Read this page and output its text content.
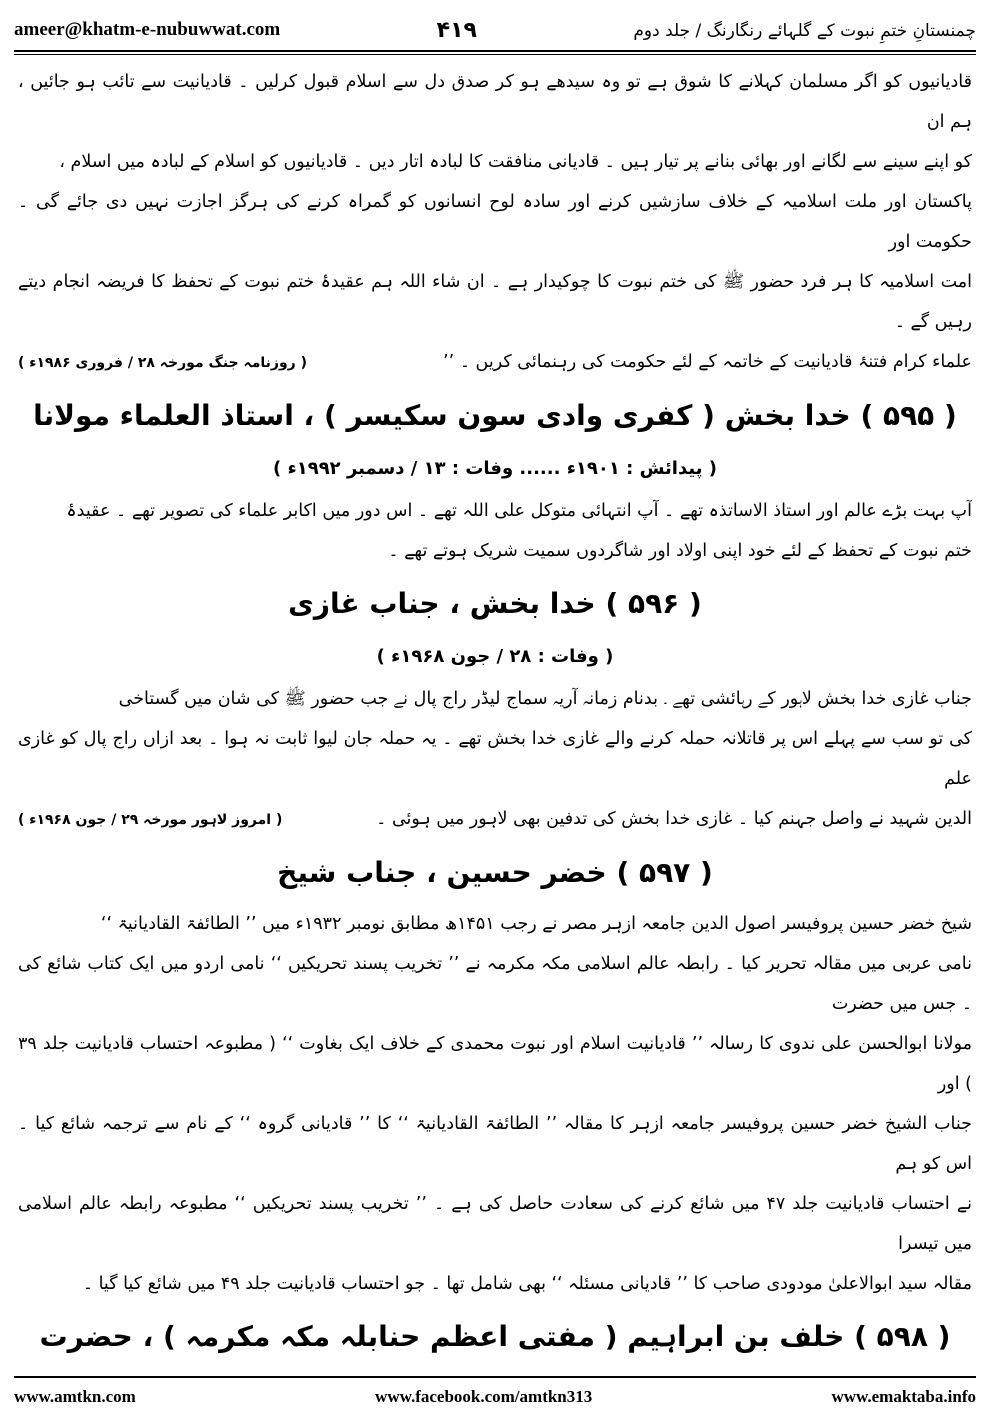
ameer@khatm-e-nubuwwat.com	۴۱۹	چمنستانِ ختمِ نبوت کے گلہائے رنگارنگ / جلد دوم

قادیانیوں کو اگر مسلمان کہلانے کا شوق ہے تو وہ سیدھے ہو کر صدق دل سے اسلام قبول کرلیں ۔ قادیانیت سے تائب ہو جائیں ، ہم ان

کو اپنے سینے سے لگانے اور بھائی بنانے پر تیار ہیں ۔ قادیانی منافقت کا لبادہ اتار دیں ۔ قادیانیوں کو اسلام کے لبادہ میں اسلام ،

پاکستان اور ملت اسلامیہ کے خلاف سازشیں کرنے اور سادہ لوح انسانوں کو گمراہ کرنے کی ہرگز اجازت نہیں دی جائے گی ۔ حکومت اور

امت اسلامیہ کا ہر فرد حضور ﷺ کی ختم نبوت کا چوکیدار ہے ۔ ان شاء اللہ ہم عقیدۂ ختم نبوت کے تحفظ کا فریضہ انجام دیتے رہیں گے ۔

علماء کرام فتنۂ قادیانیت کے خاتمہ کے لئے حکومت کی رہنمائی کریں ۔ ’’
( روزنامہ جنگ مورخہ ۲۸ / فروری ۱۹۸۶ء )
( ۵۹۵ ) خدا بخش ( کفری وادی سون سکیسر ) ، استاذ العلماء مولانا
( پیدائش : ۱۹۰۱ء ...... وفات : ۱۳ / دسمبر ۱۹۹۲ء )

آپ بہت بڑے عالم اور استاذ الاساتذہ تھے ۔ آپ انتہائی متوکل علی اللہ تھے ۔ اس دور میں اکابر علماء کی تصویر تھے ۔ عقیدۂ

ختم نبوت کے تحفظ کے لئے خود اپنی اولاد اور شاگردوں سمیت شریک ہوتے تھے ۔

( ۵۹۶ ) خدا بخش ، جناب غازی
( وفات : ۲۸ / جون ۱۹۶۸ء )

جناب غازی خدا بخش لاہور کے رہائشی تھے ۔ بدنام زمانہ آریہ سماج لیڈر راج پال نے جب حضور ﷺ کی شان میں گستاخی

کی تو سب سے پہلے اس پر قاتلانہ حملہ کرنے والے غازی خدا بخش تھے ۔ یہ حملہ جان لیوا ثابت نہ ہوا ۔ بعد ازاں راج پال کو غازی علم

الدین شہید نے واصل جہنم کیا ۔ غازی خدا بخش کی تدفین بھی لاہور میں ہوئی ۔
( امروز لاہور مورخہ ۲۹ / جون ۱۹۶۸ء )
( ۵۹۷ ) خضر حسین ، جناب شیخ

شیخ خضر حسین پروفیسر اصول الدین جامعہ ازہر مصر نے رجب ۱۴۵۱ھ مطابق نومبر ۱۹۳۲ء میں ’’ الطائفۃ القادیانیۃ ‘‘

نامی عربی میں مقالہ تحریر کیا ۔ رابطہ عالم اسلامی مکہ مکرمہ نے ’’ تخریب پسند تحریکیں ‘‘ نامی اردو میں ایک کتاب شائع کی ۔ جس میں حضرت

مولانا ابوالحسن علی ندوی کا رسالہ ’’ قادیانیت اسلام اور نبوت محمدی کے خلاف ایک بغاوت ‘‘ ( مطبوعہ احتساب قادیانیت جلد ۳۹ ) اور

جناب الشیخ خضر حسین پروفیسر جامعہ ازہر کا مقالہ ’’ الطائفۃ القادیانیۃ ‘‘ کا ’’ قادیانی گروہ ‘‘ کے نام سے ترجمہ شائع کیا ۔ اس کو ہم

نے احتساب قادیانیت جلد ۴۷ میں شائع کرنے کی سعادت حاصل کی ہے ۔ ’’ تخریب پسند تحریکیں ‘‘ مطبوعہ رابطہ عالم اسلامی میں تیسرا

مقالہ سید ابوالاعلیٰ مودودی صاحب کا ’’ قادیانی مسئلہ ‘‘ بھی شامل تھا ۔ جو احتساب قادیانیت جلد ۴۹ میں شائع کیا گیا ۔

( ۵۹۸ ) خلف بن ابراہیم ( مفتی اعظم حنابلہ مکہ مکرمہ ) ، حضرت

www.amtkn.com	www.facebook.com/amtkn313	www.emaktaba.info
